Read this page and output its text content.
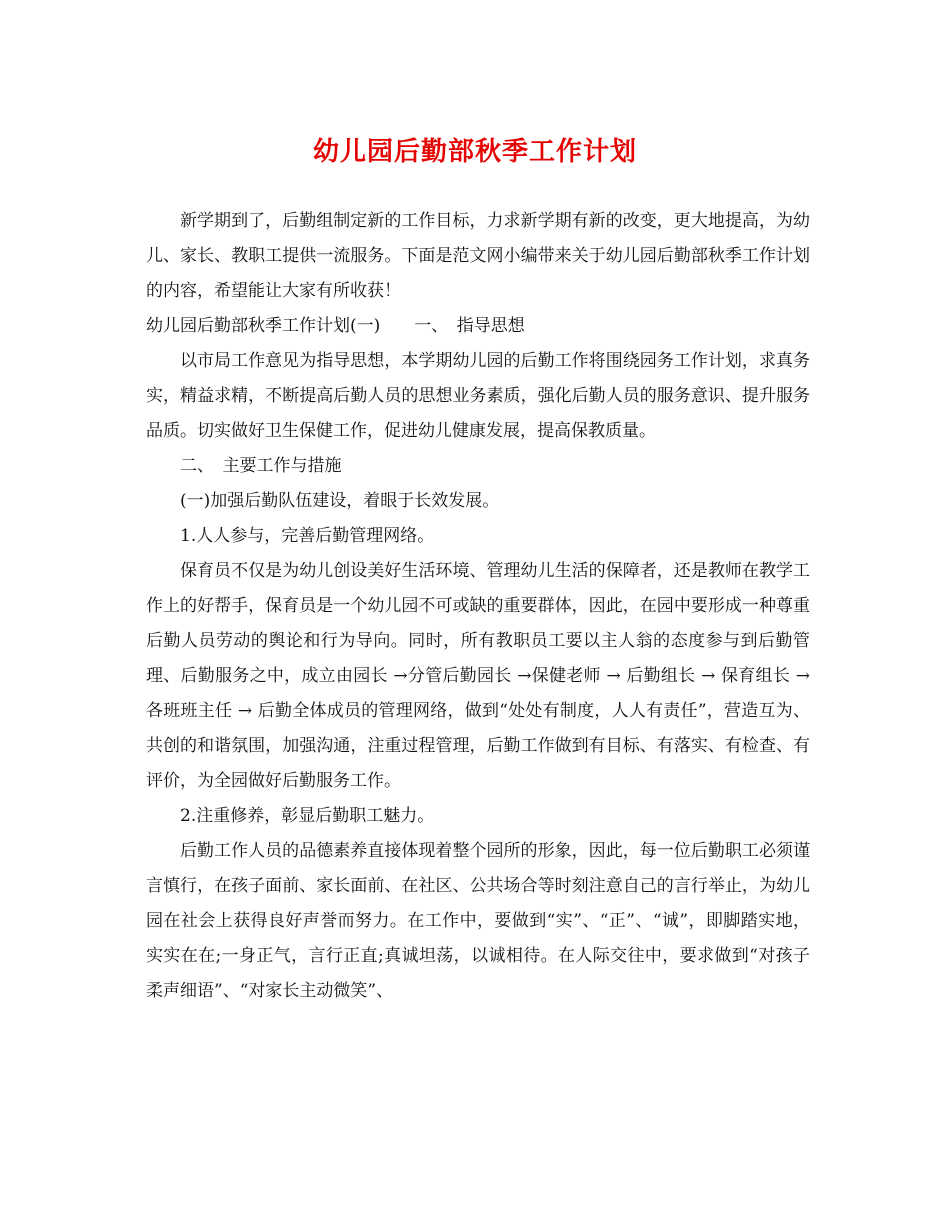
幼儿园后勤部秋季工作计划

新学期到了，后勤组制定新的工作目标，力求新学期有新的改变，更大地提高，为幼儿、家长、教职工提供一流服务。下面是范文网小编带来关于幼儿园后勤部秋季工作计划的内容，希望能让大家有所收获！

幼儿园后勤部秋季工作计划(一)　　一、　指导思想

以市局工作意见为指导思想，本学期幼儿园的后勤工作将围绕园务工作计划，求真务实，精益求精，不断提高后勤人员的思想业务素质，强化后勤人员的服务意识、提升服务品质。切实做好卫生保健工作，促进幼儿健康发展，提高保教质量。

二、　主要工作与措施

(一)加强后勤队伍建设，着眼于长效发展。

1.人人参与，完善后勤管理网络。

保育员不仅是为幼儿创设美好生活环境、管理幼儿生活的保障者，还是教师在教学工作上的好帮手，保育员是一个幼儿园不可或缺的重要群体，因此，在园中要形成一种尊重后勤人员劳动的舆论和行为导向。同时，所有教职员工要以主人翁的态度参与到后勤管理、后勤服务之中，成立由园长 →分管后勤园长 →保健老师 → 后勤组长 → 保育组长 → 各班班主任 → 后勤全体成员的管理网络，做到“处处有制度，人人有责任”，营造互为、共创的和谐氛围，加强沟通，注重过程管理，后勤工作做到有目标、有落实、有检查、有评价，为全园做好后勤服务工作。

2.注重修养，彰显后勤职工魅力。

后勤工作人员的品德素养直接体现着整个园所的形象，因此，每一位后勤职工必须谨言慎行，在孩子面前、家长面前、在社区、公共场合等时刻注意自己的言行举止，为幼儿园在社会上获得良好声誉而努力。在工作中，要做到“实”、“正”、“诚”，即脚踏实地，实实在在;一身正气，言行正直;真诚坦荡，以诚相待。在人际交往中，要求做到“对孩子柔声细语”、“对家长主动微笑”、
